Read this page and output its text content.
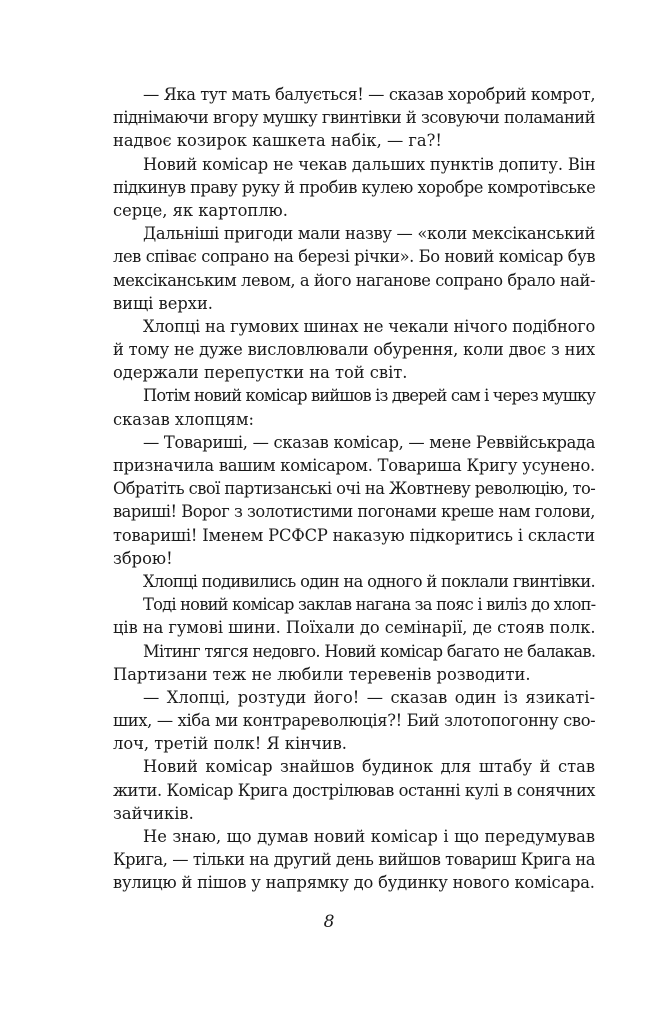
— Яка тут мать балується! — сказав хоробрий комрот,
піднімаючи вгору мушку гвинтівки й зсовуючи поламаний
надвоє козирок кашкета набік, — га?!
Новий комісар не чекав дальших пунктів допиту. Він
підкинув праву руку й пробив кулею хоробре комротівське
серце, як картоплю.
Дальніші пригоди мали назву — «коли мексіканський
лев співає сопрано на березі річки». Бо новий комісар був
мексіканським левом, а його наганове сопрано брало най-
вищі верхи.
Хлопці на гумових шинах не чекали нічого подібного
й тому не дуже висловлювали обурення, коли двоє з них
одержали перепустки на той світ.
Потім новий комісар вийшов із дверей сам і через мушку
сказав хлопцям:
— Товариші, — сказав комісар, — мене Реввійськрада
призначила вашим комісаром. Товариша Кригу усунено.
Обратіть свої партизанські очі на Жовтневу революцію, то-
вариші! Ворог з золотистими погонами креше нам голови,
товариші! Іменем РСФСР наказую підкоритись і скласти
зброю!
Хлопці подивились один на одного й поклали гвинтівки.
Тоді новий комісар заклав нагана за пояс і виліз до хлоп-
ців на гумові шини. Поїхали до семінарії, де стояв полк.
Мітинг тягся недовго. Новий комісар багато не балакав.
Партизани теж не любили теревенів розводити.
— Хлопці, розтуди його! — сказав один із язикаті-
ших, — хіба ми контрареволюція?! Бий злотопогонну сво-
лоч, третій полк! Я кінчив.
Новий комісар знайшов будинок для штабу й став
жити. Комісар Крига дострілював останні кулі в сонячних
зайчиків.
Не знаю, що думав новий комісар і що передумував
Крига, — тільки на другий день вийшов товариш Крига на
вулицю й пішов у напрямку до будинку нового комісара.
8
